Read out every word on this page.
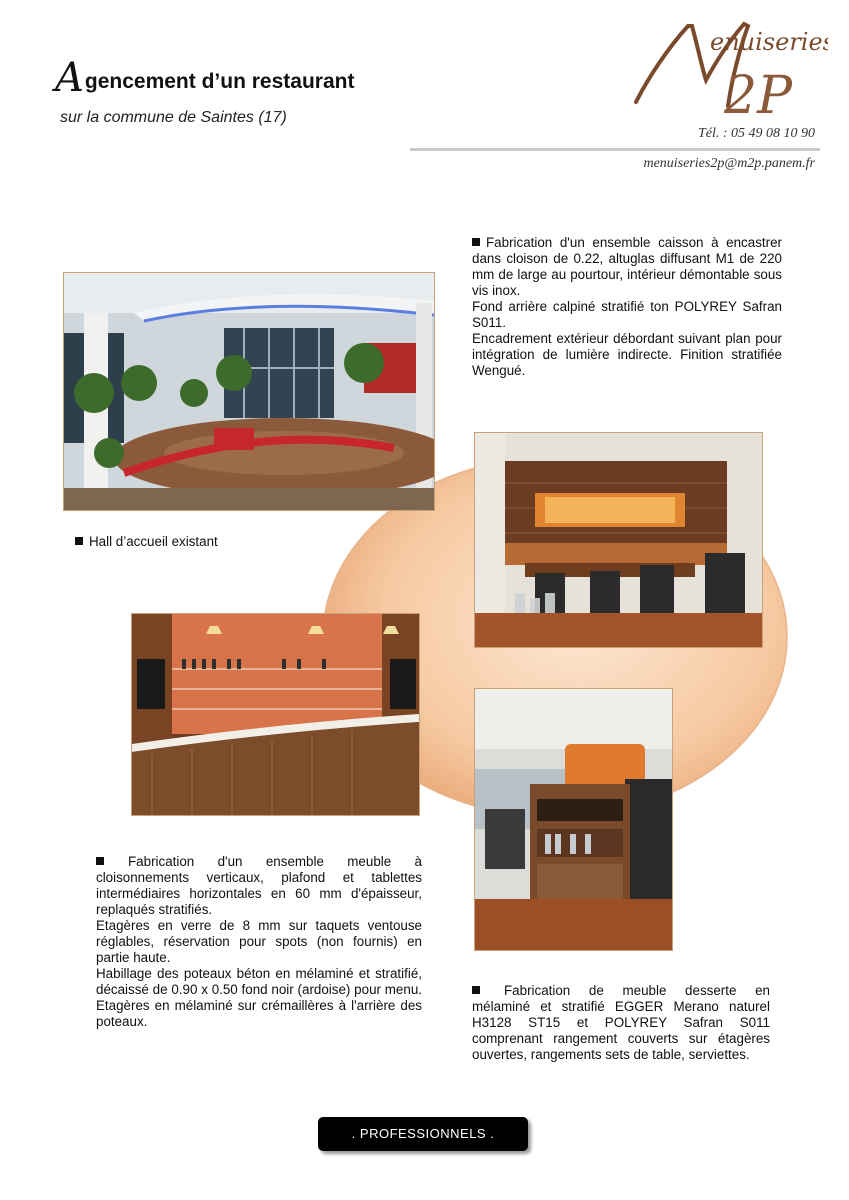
Agencement d’un restaurant
sur la commune de Saintes (17)
enuiseries
2P
Tél. : 05 49 08 10 90
menuiseries2p@m2p.panem.fr
Hall d’accueil existant

Fabrication d'un ensemble caisson à encastrer dans cloison de 0.22, altuglas diffusant M1 de 220 mm de large au pourtour, intérieur démontable sous vis inox.

Fond arrière calpiné stratifié ton POLYREY Safran S011.

Encadrement extérieur débordant suivant plan pour intégration de lumière indirecte. Finition stratifiée Wengué.

Fabrication d'un ensemble meuble à cloisonnements verticaux, plafond et tablettes intermédiaires horizontales en 60 mm d'épaisseur, replaqués stratifiés.

Etagères en verre de 8 mm sur taquets ventouse réglables, réservation pour spots (non fournis) en partie haute.

Habillage des poteaux béton en mélaminé et stratifié, décaissé de 0.90 x 0.50 fond noir (ardoise) pour menu. Etagères en mélaminé sur crémaillères à l'arrière des poteaux.

Fabrication de meuble desserte en mélaminé et stratifié EGGER Merano naturel H3128 ST15 et POLYREY Safran S011 comprenant rangement couverts sur étagères ouvertes, rangements sets de table, serviettes.

. PROFESSIONNELS .
